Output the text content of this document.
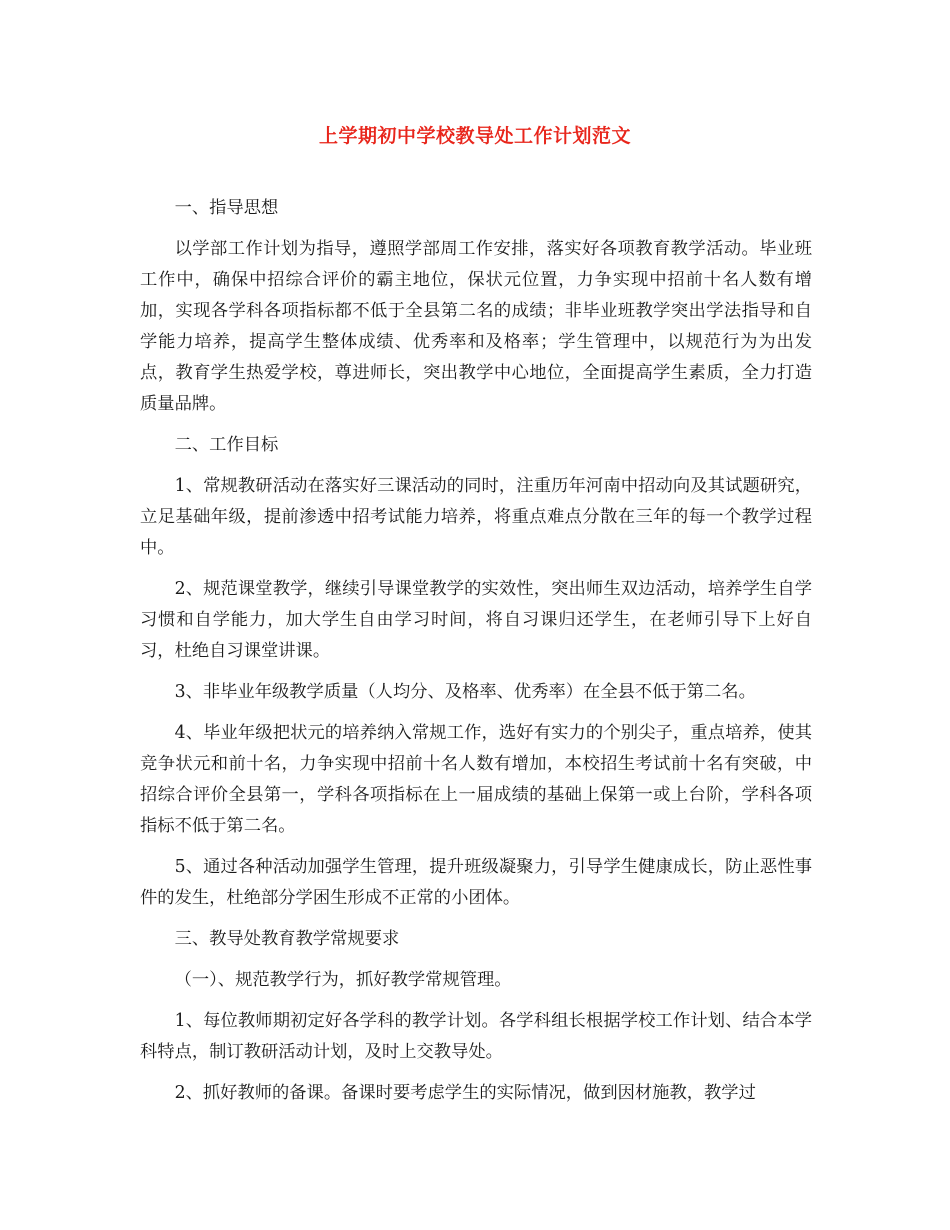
上学期初中学校教导处工作计划范文

一、指导思想

以学部工作计划为指导，遵照学部周工作安排，落实好各项教育教学活动。毕业班工作中，确保中招综合评价的霸主地位，保状元位置，力争实现中招前十名人数有增加，实现各学科各项指标都不低于全县第二名的成绩；非毕业班教学突出学法指导和自学能力培养，提高学生整体成绩、优秀率和及格率；学生管理中，以规范行为为出发点，教育学生热爱学校，尊进师长，突出教学中心地位，全面提高学生素质，全力打造质量品牌。

二、工作目标

1、常规教研活动在落实好三课活动的同时，注重历年河南中招动向及其试题研究，立足基础年级，提前渗透中招考试能力培养，将重点难点分散在三年的每一个教学过程中。

2、规范课堂教学，继续引导课堂教学的实效性，突出师生双边活动，培养学生自学习惯和自学能力，加大学生自由学习时间，将自习课归还学生，在老师引导下上好自习，杜绝自习课堂讲课。

3、非毕业年级教学质量（人均分、及格率、优秀率）在全县不低于第二名。

4、毕业年级把状元的培养纳入常规工作，选好有实力的个别尖子，重点培养，使其竞争状元和前十名，力争实现中招前十名人数有增加，本校招生考试前十名有突破，中招综合评价全县第一，学科各项指标在上一届成绩的基础上保第一或上台阶，学科各项指标不低于第二名。

5、通过各种活动加强学生管理，提升班级凝聚力，引导学生健康成长，防止恶性事件的发生，杜绝部分学困生形成不正常的小团体。

三、教导处教育教学常规要求

（一）、规范教学行为，抓好教学常规管理。

1、每位教师期初定好各学科的教学计划。各学科组长根据学校工作计划、结合本学科特点，制订教研活动计划，及时上交教导处。

2、抓好教师的备课。备课时要考虑学生的实际情况，做到因材施教，教学过
